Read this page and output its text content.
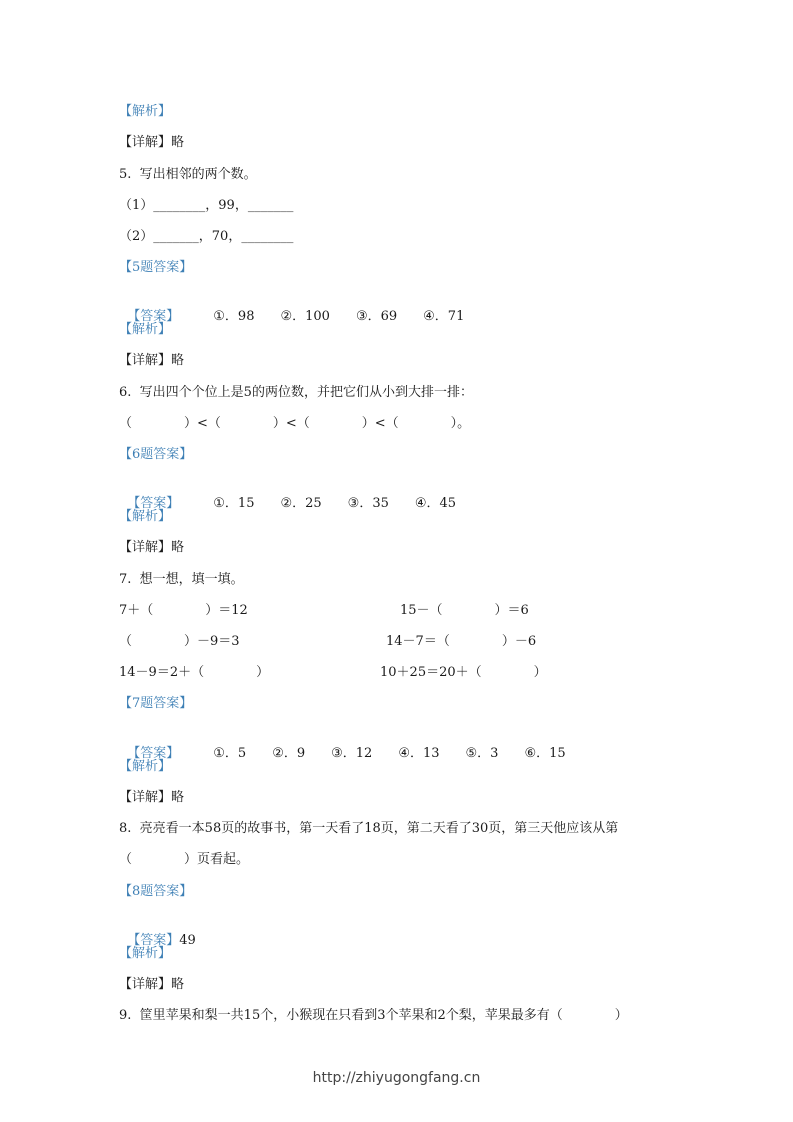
【解析】
【详解】略
5.  写出相邻的两个数。
（1）________，99，_______
（2）_______，70，________
【5题答案】

【答案】	①．98　　②．100　　③．69　　④．71

【解析】
【详解】略
6.  写出四个个位上是5的两位数，并把它们从小到大排一排：
（　　　　）<（　　　　）<（　　　　）<（　　　　）。
【6题答案】

【答案】	①．15　　②．25　　③．35　　④．45

【解析】
【详解】略
7.  想一想，填一填。
7＋（　　　　）＝12	15－（　　　　）＝6
（　　　　）－9＝3	14－7＝（　　　　）－6
14－9＝2＋（　　　　）	10＋25＝20＋（　　　　）
【7题答案】

【答案】	①．5　　②．9　　③．12　　④．13　　⑤．3　　⑥．15

【解析】
【详解】略
8.  亮亮看一本58页的故事书，第一天看了18页，第二天看了30页，第三天他应该从第
（　　　　）页看起。
【8题答案】

【答案】49

【解析】
【详解】略
9.  筐里苹果和梨一共15个，小猴现在只看到3个苹果和2个梨，苹果最多有（　　　　）
http://zhiyugongfang.cn
